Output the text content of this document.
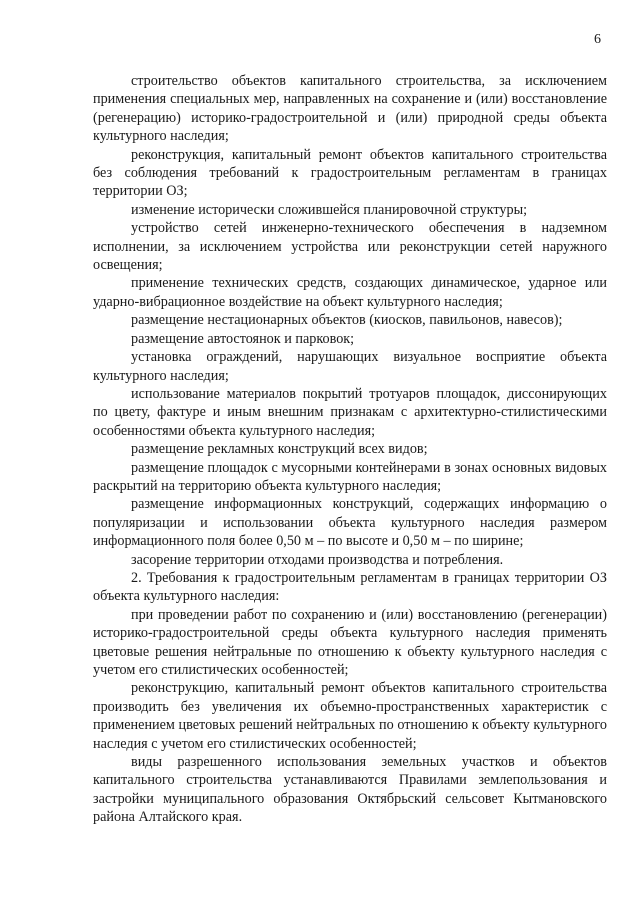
6

строительство объектов капитального строительства, за исключением применения специальных мер, направленных на сохранение и (или) восстановление (регенерацию) историко-градостроительной и (или) природной среды объекта культурного наследия;

реконструкция, капитальный ремонт объектов капитального строительства без соблюдения требований к градостроительным регламентам в границах территории ОЗ;

изменение исторически сложившейся планировочной структуры;

устройство сетей инженерно-технического обеспечения в надземном исполнении, за исключением устройства или реконструкции сетей наружного освещения;

применение технических средств, создающих динамическое, ударное или ударно-вибрационное воздействие на объект культурного наследия;

размещение нестационарных объектов (киосков, павильонов, навесов);

размещение автостоянок и парковок;

установка ограждений, нарушающих визуальное восприятие объекта культурного наследия;

использование материалов покрытий тротуаров площадок, диссонирующих по цвету, фактуре и иным внешним признакам с архитектурно-стилистическими особенностями объекта культурного наследия;

размещение рекламных конструкций всех видов;

размещение площадок с мусорными контейнерами в зонах основных видовых раскрытий на территорию объекта культурного наследия;

размещение информационных конструкций, содержащих информацию о популяризации и использовании объекта культурного наследия размером информационного поля более 0,50 м – по высоте и 0,50 м – по ширине;

засорение территории отходами производства и потребления.

2. Требования к градостроительным регламентам в границах территории ОЗ объекта культурного наследия:

при проведении работ по сохранению и (или) восстановлению (регенерации) историко-градостроительной среды объекта культурного наследия применять цветовые решения нейтральные по отношению к объекту культурного наследия с учетом его стилистических особенностей;

реконструкцию, капитальный ремонт объектов капитального строительства производить без увеличения их объемно-пространственных характеристик с применением цветовых решений нейтральных по отношению к объекту культурного наследия с учетом его стилистических особенностей;

виды разрешенного использования земельных участков и объектов капитального строительства устанавливаются Правилами землепользования и застройки муниципального образования Октябрьский сельсовет Кытмановского района Алтайского края.
